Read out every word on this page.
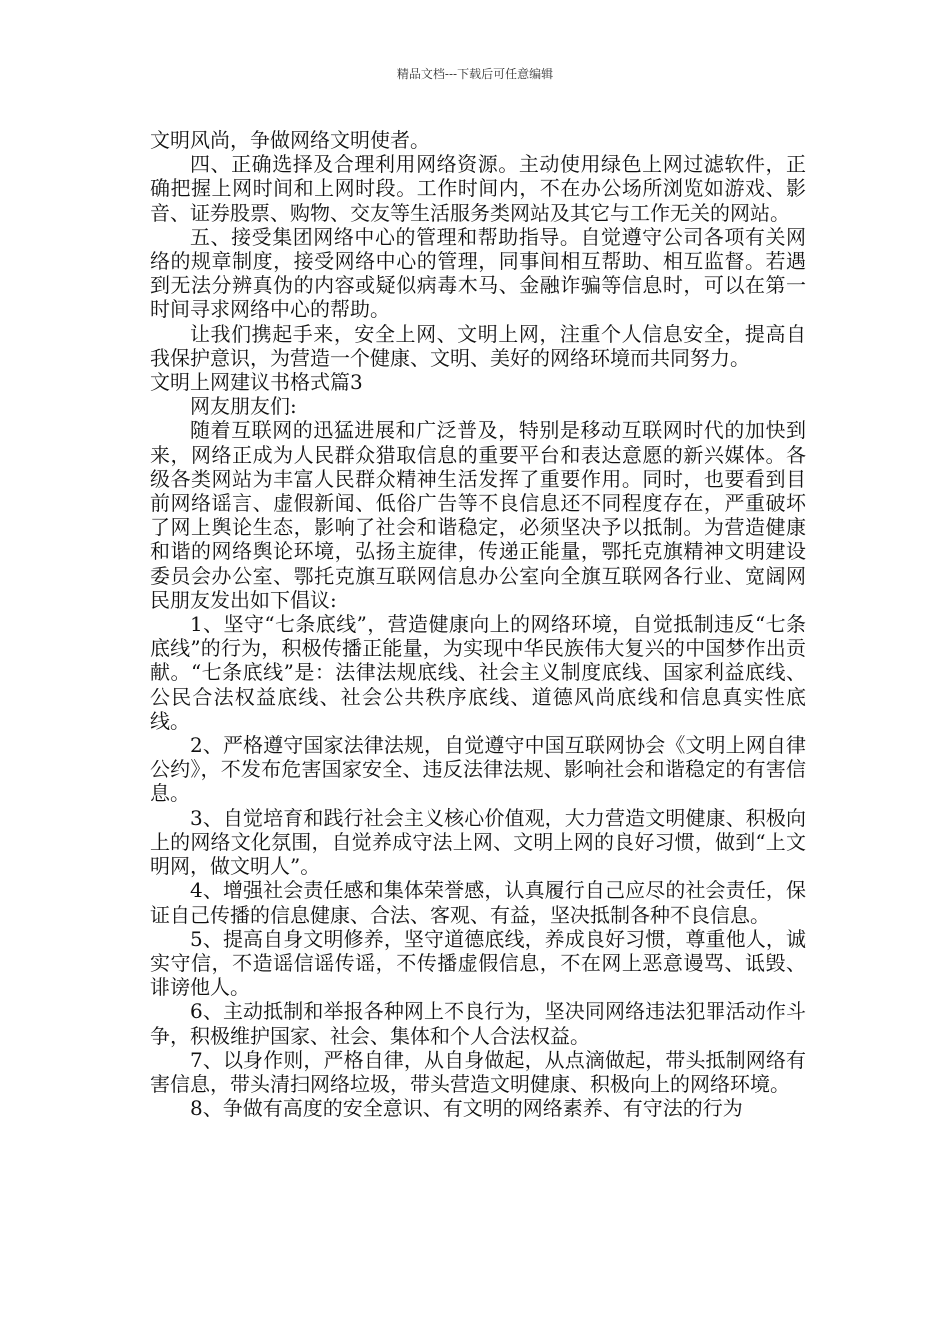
精品文档---下载后可任意编辑

文明风尚，争做网络文明使者。

四、正确选择及合理利用网络资源。主动使用绿色上网过滤软件，正确把握上网时间和上网时段。工作时间内，不在办公场所浏览如游戏、影音、证券股票、购物、交友等生活服务类网站及其它与工作无关的网站。

五、接受集团网络中心的管理和帮助指导。自觉遵守公司各项有关网络的规章制度，接受网络中心的管理，同事间相互帮助、相互监督。若遇到无法分辨真伪的内容或疑似病毒木马、金融诈骗等信息时，可以在第一时间寻求网络中心的帮助。

让我们携起手来，安全上网、文明上网，注重个人信息安全，提高自我保护意识，为营造一个健康、文明、美好的网络环境而共同努力。文明上网建议书格式篇3

网友朋友们:

随着互联网的迅猛进展和广泛普及，特别是移动互联网时代的加快到来，网络正成为人民群众猎取信息的重要平台和表达意愿的新兴媒体。各级各类网站为丰富人民群众精神生活发挥了重要作用。同时，也要看到目前网络谣言、虚假新闻、低俗广告等不良信息还不同程度存在，严重破坏了网上舆论生态，影响了社会和谐稳定，必须坚决予以抵制。为营造健康和谐的网络舆论环境，弘扬主旋律，传递正能量，鄂托克旗精神文明建设委员会办公室、鄂托克旗互联网信息办公室向全旗互联网各行业、宽阔网民朋友发出如下倡议:

1、坚守“七条底线”，营造健康向上的网络环境，自觉抵制违反“七条底线”的行为，积极传播正能量，为实现中华民族伟大复兴的中国梦作出贡献。“七条底线”是：法律法规底线、社会主义制度底线、国家利益底线、公民合法权益底线、社会公共秩序底线、道德风尚底线和信息真实性底线。

2、严格遵守国家法律法规，自觉遵守中国互联网协会《文明上网自律公约》，不发布危害国家安全、违反法律法规、影响社会和谐稳定的有害信息。

3、自觉培育和践行社会主义核心价值观，大力营造文明健康、积极向上的网络文化氛围，自觉养成守法上网、文明上网的良好习惯，做到“上文明网，做文明人”。

4、增强社会责任感和集体荣誉感，认真履行自己应尽的社会责任，保证自己传播的信息健康、合法、客观、有益，坚决抵制各种不良信息。

5、提高自身文明修养，坚守道德底线，养成良好习惯，尊重他人，诚实守信，不造谣信谣传谣，不传播虚假信息，不在网上恶意谩骂、诋毁、诽谤他人。

6、主动抵制和举报各种网上不良行为，坚决同网络违法犯罪活动作斗争，积极维护国家、社会、集体和个人合法权益。

7、以身作则，严格自律，从自身做起，从点滴做起，带头抵制网络有害信息，带头清扫网络垃圾，带头营造文明健康、积极向上的网络环境。

8、争做有高度的安全意识、有文明的网络素养、有守法的行为
